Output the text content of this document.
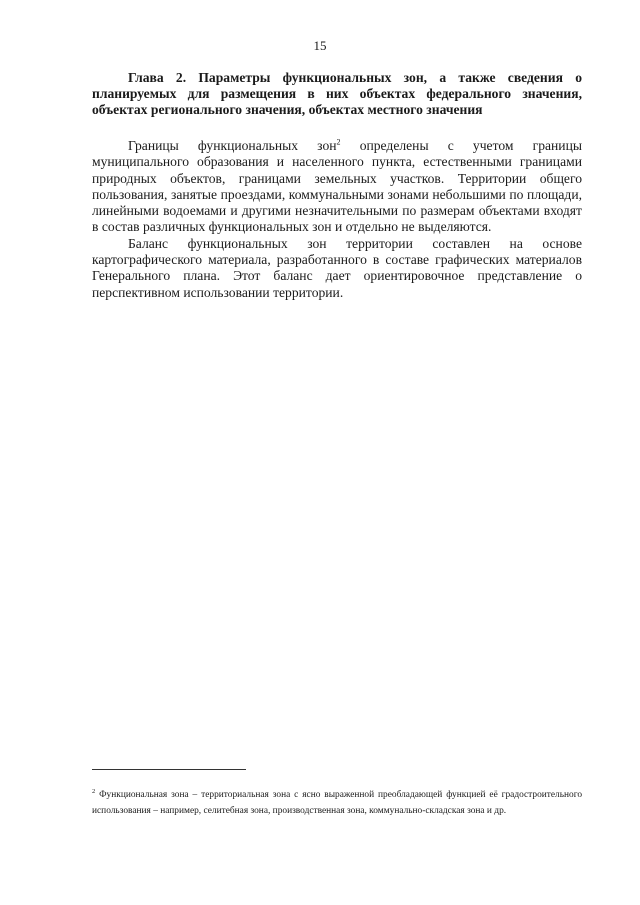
15

Глава 2. Параметры функциональных зон, а также сведения о планируемых для размещения в них объектах федерального значения, объектах регионального значения, объектах местного значения

Границы функциональных зон$^2$ определены с учетом границы муниципального образования и населенного пункта, естественными границами природных объектов, границами земельных участков. Территории общего пользования, занятые проездами, коммунальными зонами небольшими по площади, линейными водоемами и другими незначительными по размерам объектами входят в состав различных функциональных зон и отдельно не выделяются.

Баланс функциональных зон территории составлен на основе картографического материала, разработанного в составе графических материалов Генерального плана. Этот баланс дает ориентировочное представление о перспективном использовании территории.

$^2$ Функциональная зона – территориальная зона с ясно выраженной преобладающей функцией её градостроительного использования – например, селитебная зона, производственная зона, коммунально-складская зона и др.
